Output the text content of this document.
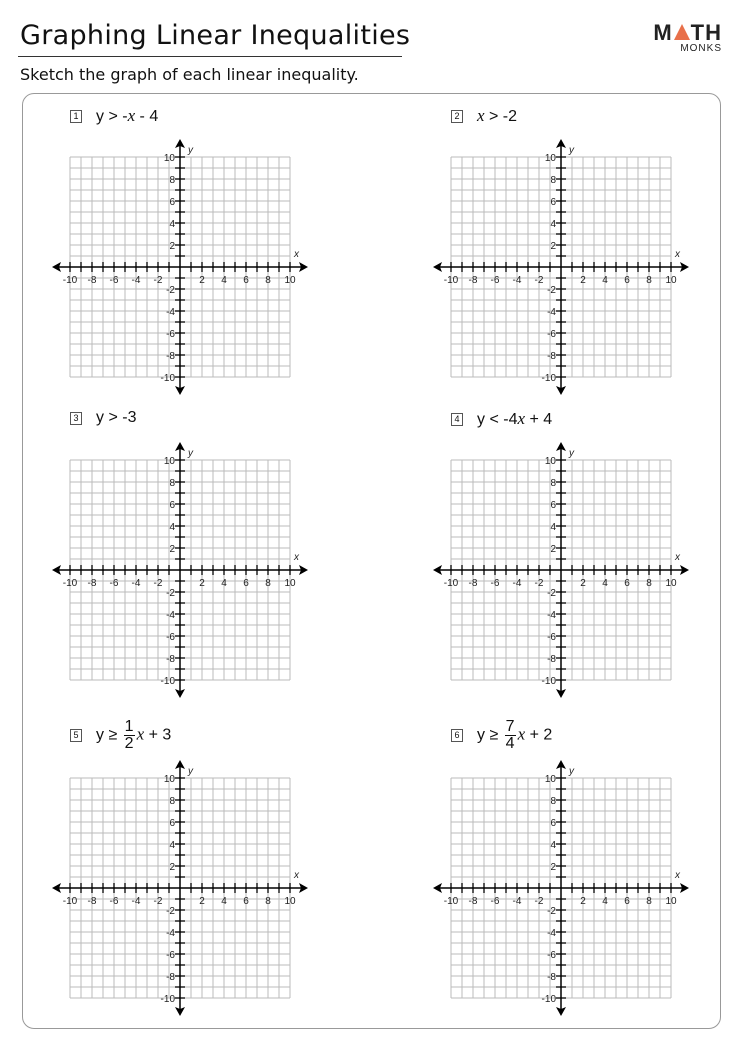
Graphing Linear Inequalities
Sketch the graph of each linear inequality.
M TH
MONKS
1 y > -x - 4
-10
-10
-8
-8
-6
-6
-4
-4
-2
-2
2
2
4
4
6
6
8
8
10
10
x
y
2 x > -2
-10
-10
-8
-8
-6
-6
-4
-4
-2
-2
2
2
4
4
6
6
8
8
10
10
x
y
3 y > -3
-10
-10
-8
-8
-6
-6
-4
-4
-2
-2
2
2
4
4
6
6
8
8
10
10
x
y
4 y < -4x + 4
-10
-10
-8
-8
-6
-6
-4
-4
-2
-2
2
2
4
4
6
6
8
8
10
10
x
y
5 $y \ge \frac{1}{2}$ x + 3
-10
-10
-8
-8
-6
-6
-4
-4
-2
-2
2
2
4
4
6
6
8
8
10
10
x
y
6 $y \ge \frac{7}{4}$ x + 2
-10
-10
-8
-8
-6
-6
-4
-4
-2
-2
2
2
4
4
6
6
8
8
10
10
x
y
